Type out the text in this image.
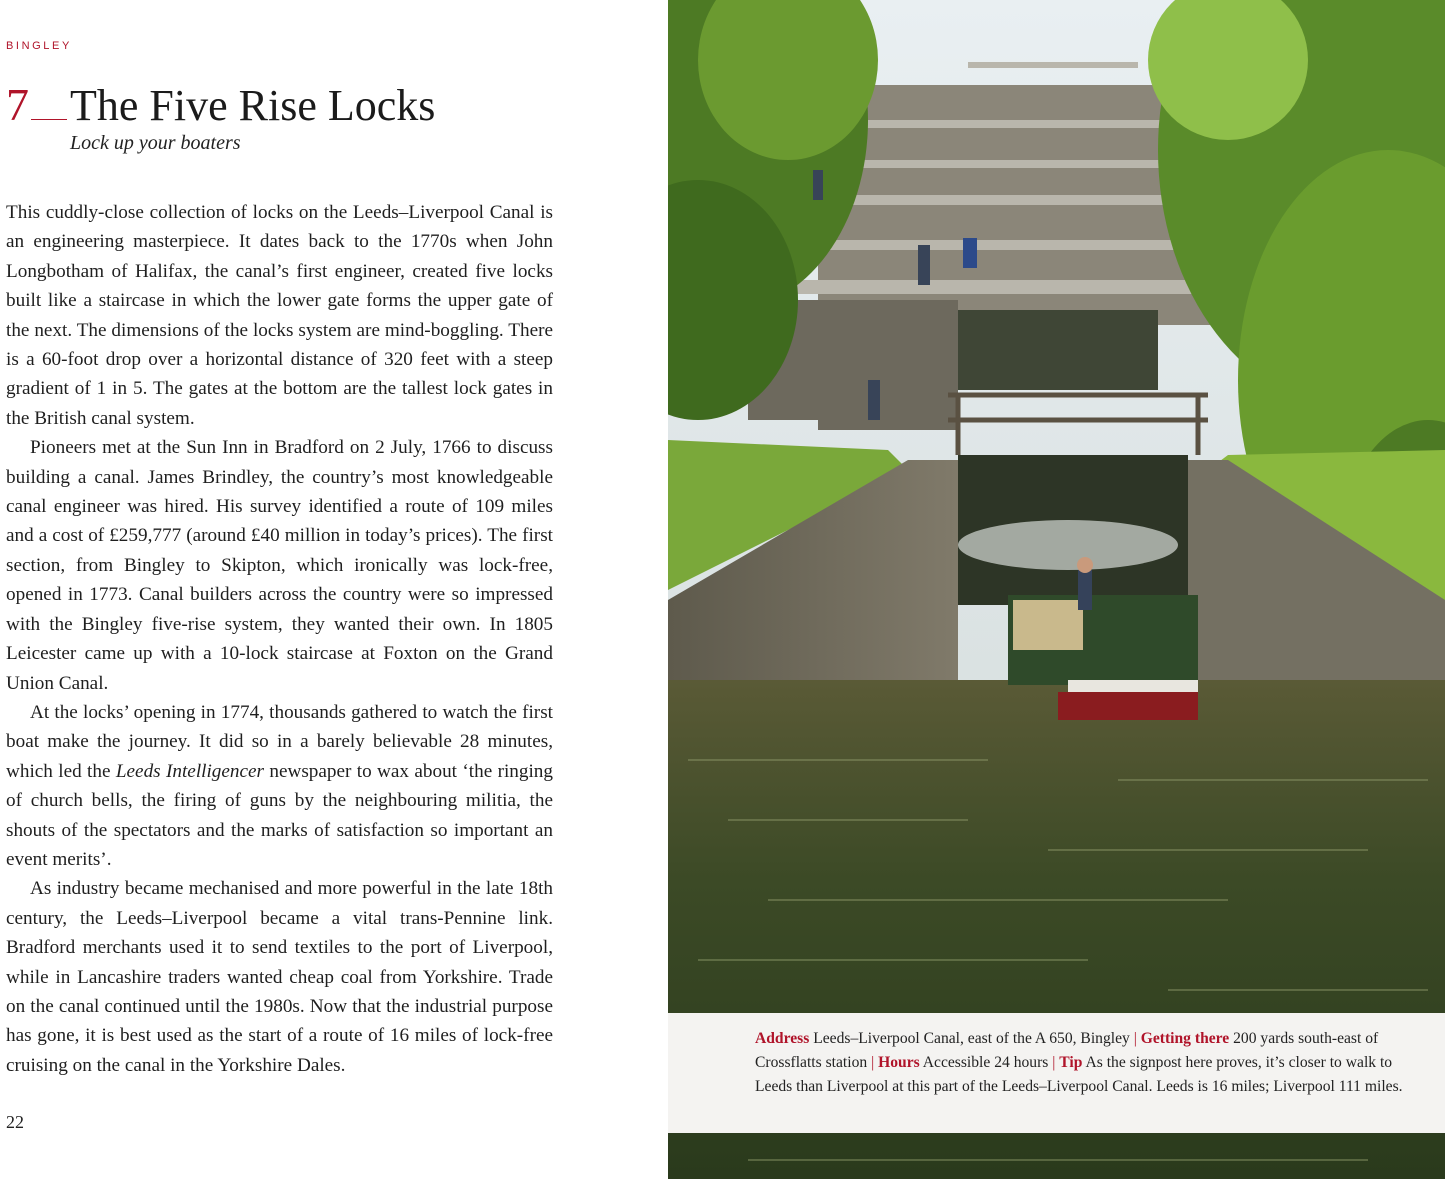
BINGLEY
7 The Five Rise Locks
Lock up your boaters

This cuddly-close collection of locks on the Leeds–Liverpool Canal is an engineering masterpiece. It dates back to the 1770s when John Longbotham of Halifax, the canal’s first engineer, created five locks built like a staircase in which the lower gate forms the upper gate of the next. The dimensions of the locks system are mind-boggling. There is a 60-foot drop over a horizontal distance of 320 feet with a steep gradient of 1 in 5. The gates at the bottom are the tallest lock gates in the British canal system.

Pioneers met at the Sun Inn in Bradford on 2 July, 1766 to discuss building a canal. James Brindley, the country’s most knowledgeable canal engineer was hired. His survey identified a route of 109 miles and a cost of £259,777 (around £40 million in today’s prices). The first section, from Bingley to Skipton, which ironically was lock-free, opened in 1773. Canal builders across the country were so impressed with the Bingley five-rise system, they wanted their own. In 1805 Leicester came up with a 10-lock staircase at Foxton on the Grand Union Canal.

At the locks’ opening in 1774, thousands gathered to watch the first boat make the journey. It did so in a barely believable 28 minutes, which led the Leeds Intelligencer newspaper to wax about ‘the ringing of church bells, the firing of guns by the neighbouring militia, the shouts of the spectators and the marks of satisfaction so important an event merits’.

As industry became mechanised and more powerful in the late 18th century, the Leeds–Liverpool became a vital trans-Pennine link. Bradford merchants used it to send textiles to the port of Liverpool, while in Lancashire traders wanted cheap coal from Yorkshire. Trade on the canal continued until the 1980s. Now that the industrial purpose has gone, it is best used as the start of a route of 16 miles of lock-free cruising on the canal in the Yorkshire Dales.

22
Address Leeds–Liverpool Canal, east of the A 650, Bingley | Getting there 200 yards south-east of Crossflatts station | Hours Accessible 24 hours | Tip As the signpost here proves, it’s closer to walk to Leeds than Liverpool at this part of the Leeds–Liverpool Canal. Leeds is 16 miles; Liverpool 111 miles.
